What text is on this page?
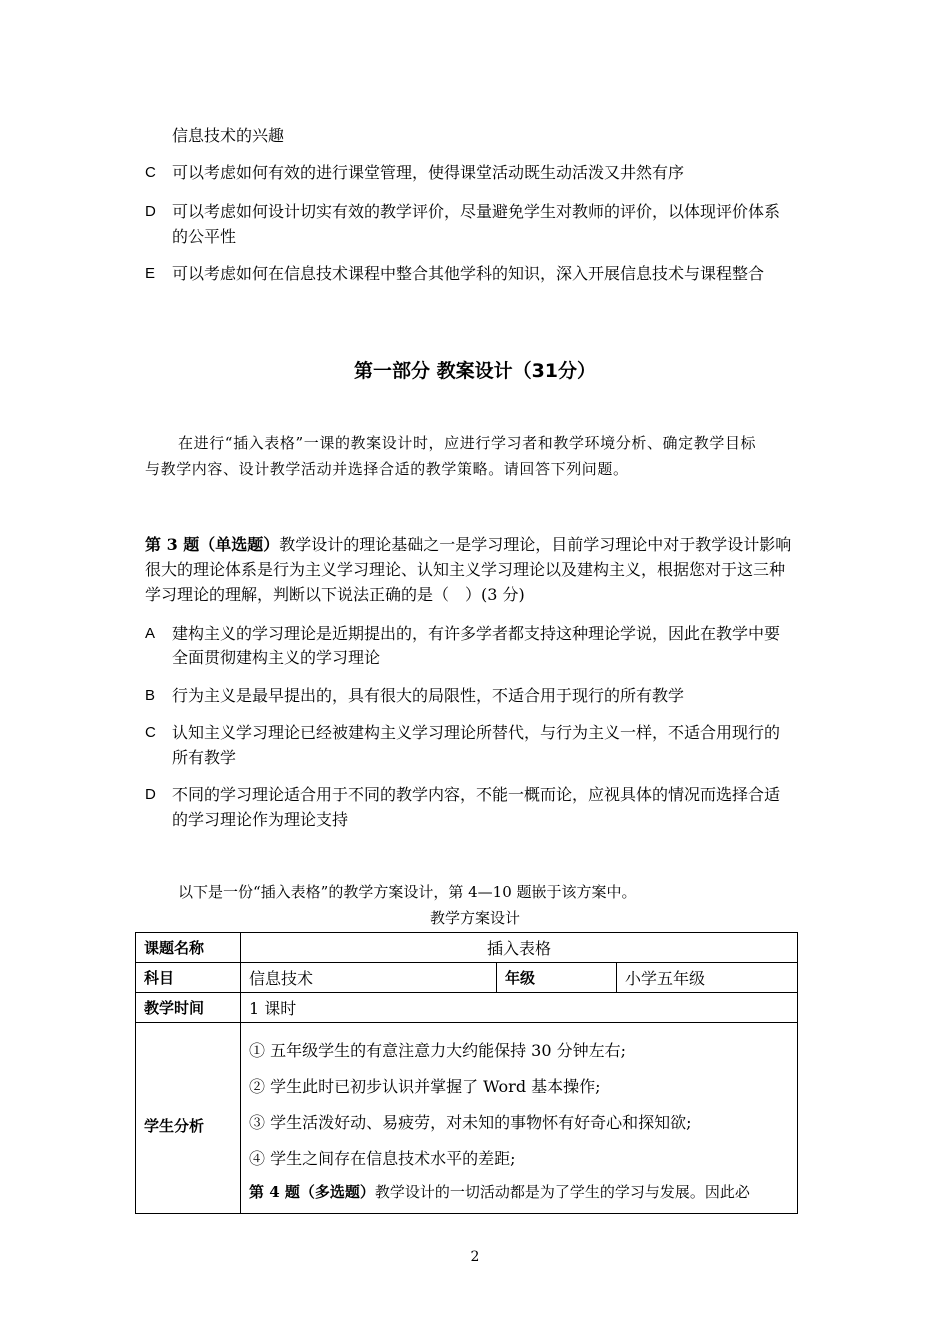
信息技术的兴趣
C 可以考虑如何有效的进行课堂管理，使得课堂活动既生动活泼又井然有序
D 可以考虑如何设计切实有效的教学评价，尽量避免学生对教师的评价，以体现评价体系
的公平性
E 可以考虑如何在信息技术课程中整合其他学科的知识，深入开展信息技术与课程整合
第一部分 教案设计（31分）
在进行“插入表格”一课的教案设计时，应进行学习者和教学环境分析、确定教学目标
与教学内容、设计教学活动并选择合适的教学策略。请回答下列问题。
第 3 题（单选题）教学设计的理论基础之一是学习理论，目前学习理论中对于教学设计影响
很大的理论体系是行为主义学习理论、认知主义学习理论以及建构主义，根据您对于这三种
学习理论的理解，判断以下说法正确的是（　）(3 分)
A 建构主义的学习理论是近期提出的，有许多学者都支持这种理论学说，因此在教学中要
全面贯彻建构主义的学习理论
B 行为主义是最早提出的，具有很大的局限性，不适合用于现行的所有教学
C 认知主义学习理论已经被建构主义学习理论所替代，与行为主义一样，不适合用现行的
所有教学
D 不同的学习理论适合用于不同的教学内容，不能一概而论，应视具体的情况而选择合适
的学习理论作为理论支持
以下是一份“插入表格”的教学方案设计，第 4—10 题嵌于该方案中。
教学方案设计
课题名称	插入表格		
科目	信息技术	年级	小学五年级
教学时间	1 课时		
学生分析	① 五年级学生的有意注意力大约能保持 30 分钟左右;
② 学生此时已初步认识并掌握了 Word 基本操作;
③ 学生活泼好动、易疲劳，对未知的事物怀有好奇心和探知欲;
④ 学生之间存在信息技术水平的差距;
第 4 题（多选题）教学设计的一切活动都是为了学生的学习与发展。因此必		
2
